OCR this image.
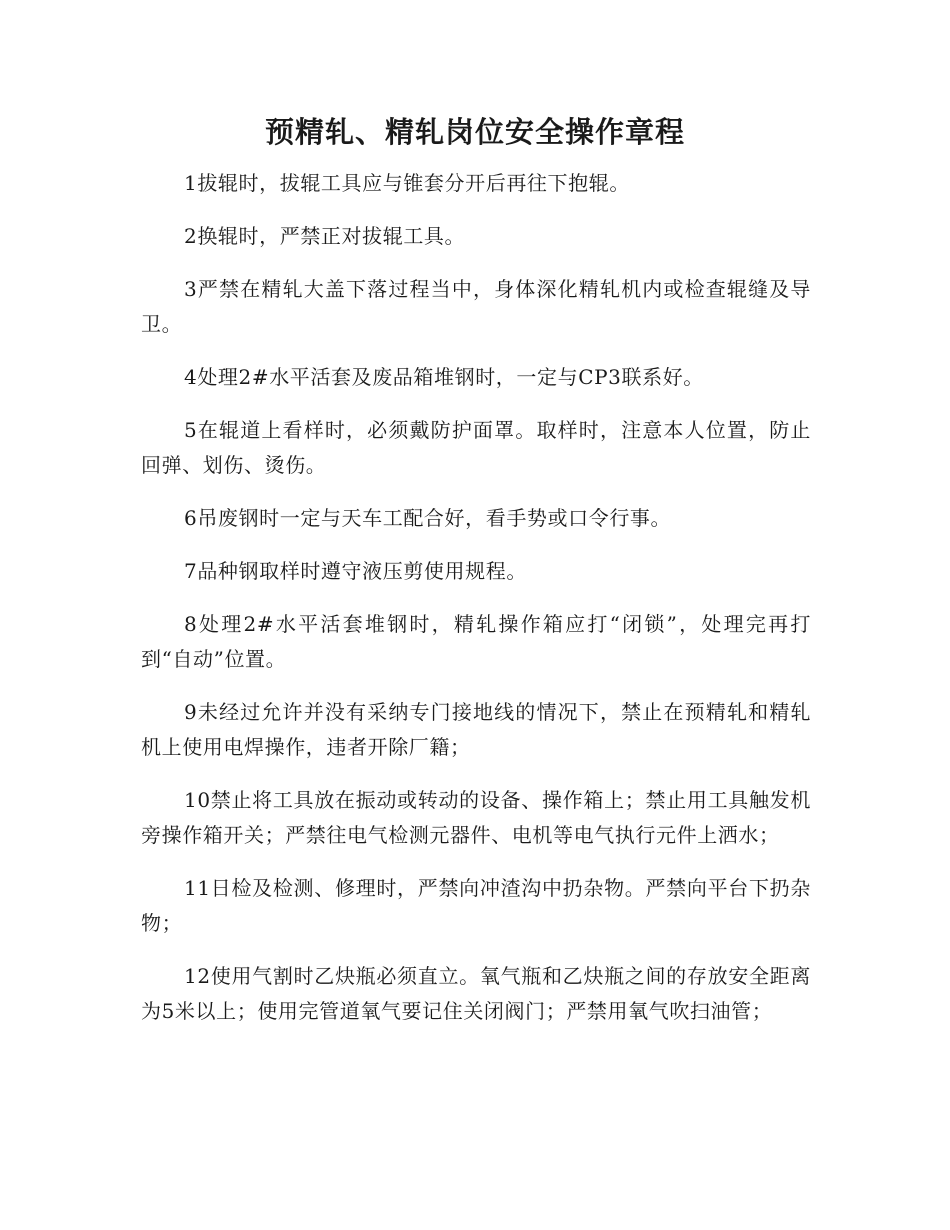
预精轧、精轧岗位安全操作章程

1拔辊时，拔辊工具应与锥套分开后再往下抱辊。

2换辊时，严禁正对拔辊工具。

3严禁在精轧大盖下落过程当中，身体深化精轧机内或检查辊缝及导卫。

4处理2#水平活套及废品箱堆钢时，一定与CP3联系好。

5在辊道上看样时，必须戴防护面罩。取样时，注意本人位置，防止回弹、划伤、烫伤。

6吊废钢时一定与天车工配合好，看手势或口令行事。

7品种钢取样时遵守液压剪使用规程。

8处理2#水平活套堆钢时，精轧操作箱应打“闭锁”，处理完再打到“自动”位置。

9未经过允许并没有采纳专门接地线的情况下，禁止在预精轧和精轧机上使用电焊操作，违者开除厂籍；

10禁止将工具放在振动或转动的设备、操作箱上；禁止用工具触发机旁操作箱开关；严禁往电气检测元器件、电机等电气执行元件上洒水；

11日检及检测、修理时，严禁向冲渣沟中扔杂物。严禁向平台下扔杂物；

12使用气割时乙炔瓶必须直立。氧气瓶和乙炔瓶之间的存放安全距离为5米以上；使用完管道氧气要记住关闭阀门；严禁用氧气吹扫油管；
